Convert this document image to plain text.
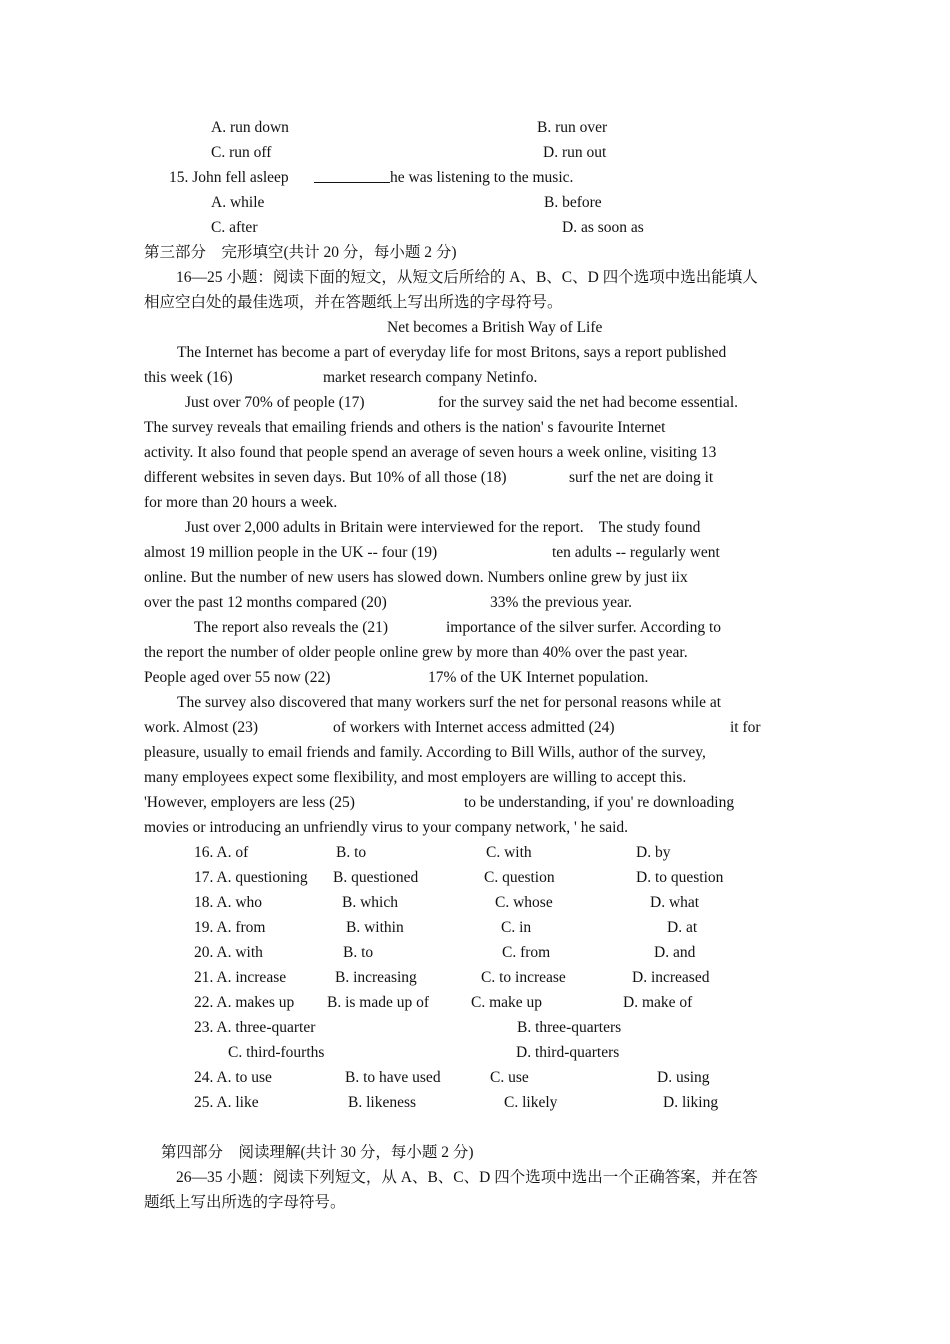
A. run down	B. run over
C. run off	D. run out
15. John fell asleep	he was listening to the music.
A. while	B. before
C. after	D. as soon as
第三部分　完形填空(共计 20 分，每小题 2 分)
16—25 小题：阅读下面的短文，从短文后所给的 A、B、C、D 四个选项中选出能填人
相应空白处的最佳选项，并在答题纸上写出所选的字母符号。
Net becomes a British Way of Life
The Internet has become a part of everyday life for most Britons, says a report published
this week (16)	market research company Netinfo.
Just over 70% of people (17)	for the survey said the net had become essential.
The survey reveals that emailing friends and others is the nation' s favourite Internet
activity. It also found that people spend an average of seven hours a week online, visiting 13
different websites in seven days. But 10% of all those (18)	surf the net are doing it
for more than 20 hours a week.
Just over 2,000 adults in Britain were interviewed for the report.    The study found
almost 19 million people in the UK -- four (19)	ten adults -- regularly went
online. But the number of new users has slowed down. Numbers online grew by just iix
over the past 12 months compared (20)	33% the previous year.
The report also reveals the (21)	importance of the silver surfer. According to
the report the number of older people online grew by more than 40% over the past year.
People aged over 55 now (22)	17% of the UK Internet population.
The survey also discovered that many workers surf the net for personal reasons while at
work. Almost (23)	of workers with Internet access admitted (24)	it for
pleasure, usually to email friends and family. According to Bill Wills, author of the survey,
many employees expect some flexibility, and most employers are willing to accept this.
'However, employers are less (25)	to be understanding, if you' re downloading
movies or introducing an unfriendly virus to your company network, ' he said.
16. A. of	B. to	C. with	D. by
17. A. questioning B. questioned	C. question	D. to question
18. A. who	B. which	C. whose	D. what
19. A. from	B. within	C. in	D. at
20. A. with	B. to	C. from	D. and
21. A. increase	B. increasing	C. to increase	D. increased
22. A. makes up B. is made up of	C. make up	D. make of
23. A. three-quarter	B. three-quarters
C. third-fourths	D. third-quarters
24. A. to use	B. to have used	C. use	D. using
25. A. like	B. likeness	C. likely	D. liking
第四部分　阅读理解(共计 30 分，每小题 2 分)
26—35 小题：阅读下列短文，从 A、B、C、D 四个选项中选出一个正确答案，并在答
题纸上写出所选的字母符号。
